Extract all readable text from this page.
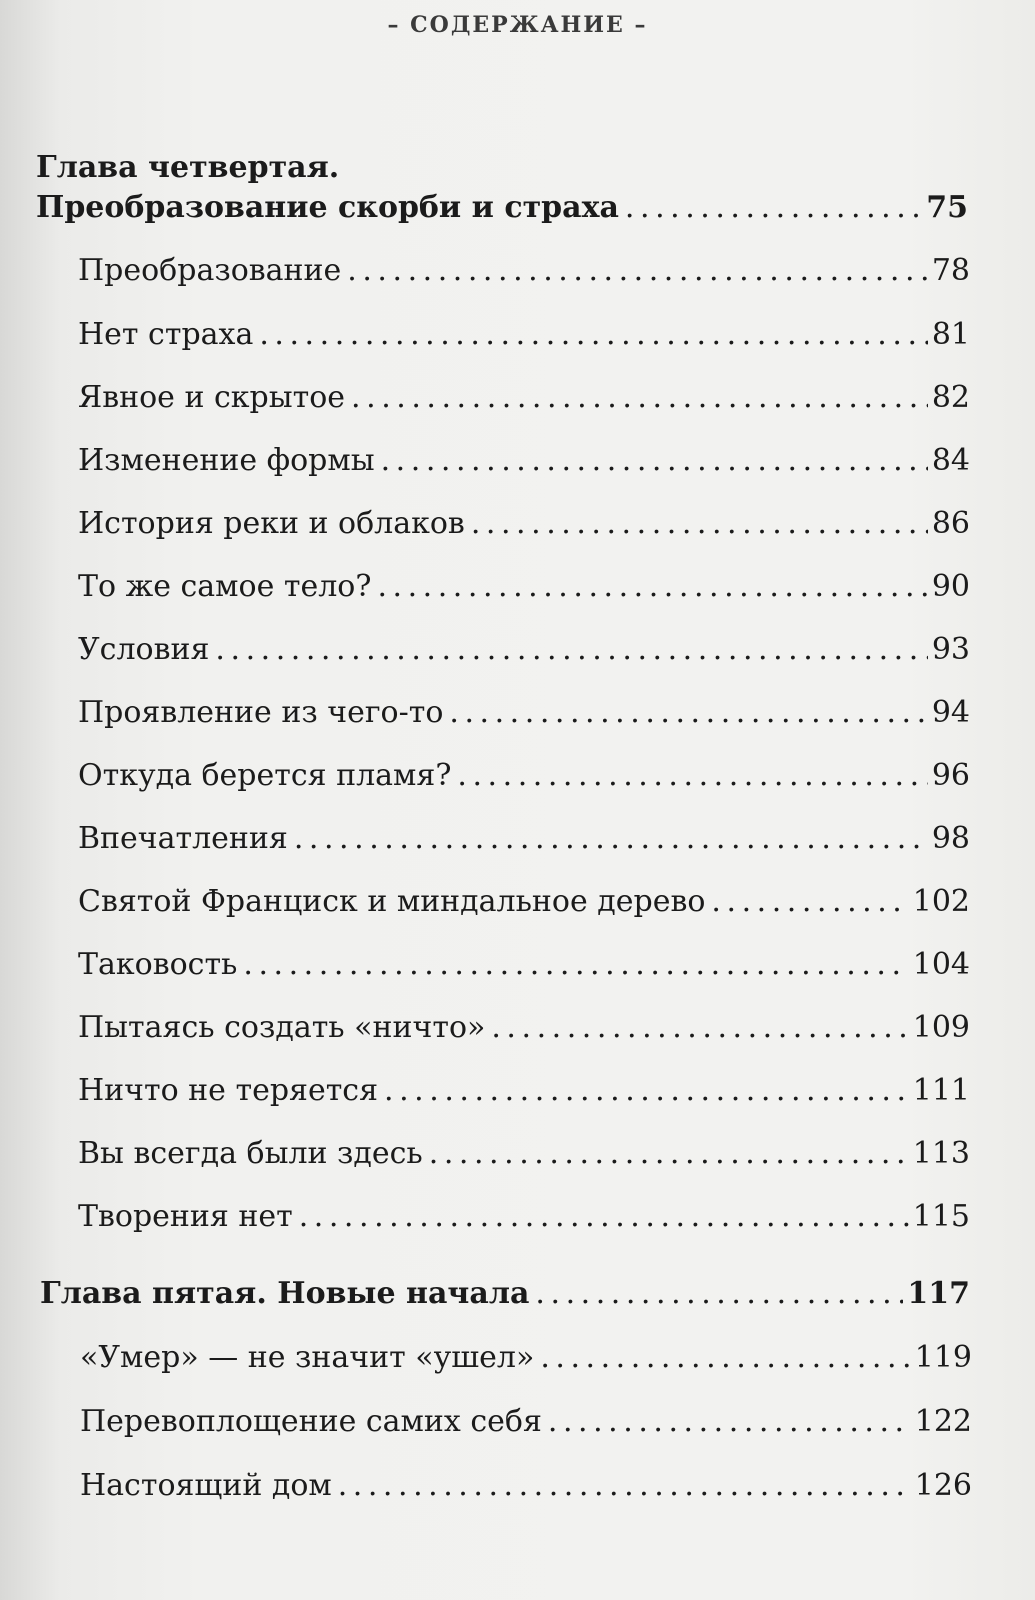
– СОДЕРЖАНИЕ –
Глава четвертая.
Преобразование скорби и страха . . .	75
Преобразование . . .	78
Нет страха . . .	81
Явное и скрытое . . .	82
Изменение формы . . .	84
История реки и облаков . . .	86
То же самое тело? . . .	90
Условия . . .	93
Проявление из чего-то . . .	94
Откуда берется пламя? . . .	96
Впечатления . . .	98
Святой Франциск и миндальное дерево . . .	102
Таковость . . .	104
Пытаясь создать «ничто» . . .	109
Ничто не теряется . . .	111
Вы всегда были здесь . . .	113
Творения нет . . .	115
Глава пятая. Новые начала . . .	117
«Умер» — не значит «ушел» . . .	119
Перевоплощение самих себя . . .	122
Настоящий дом . . .	126
